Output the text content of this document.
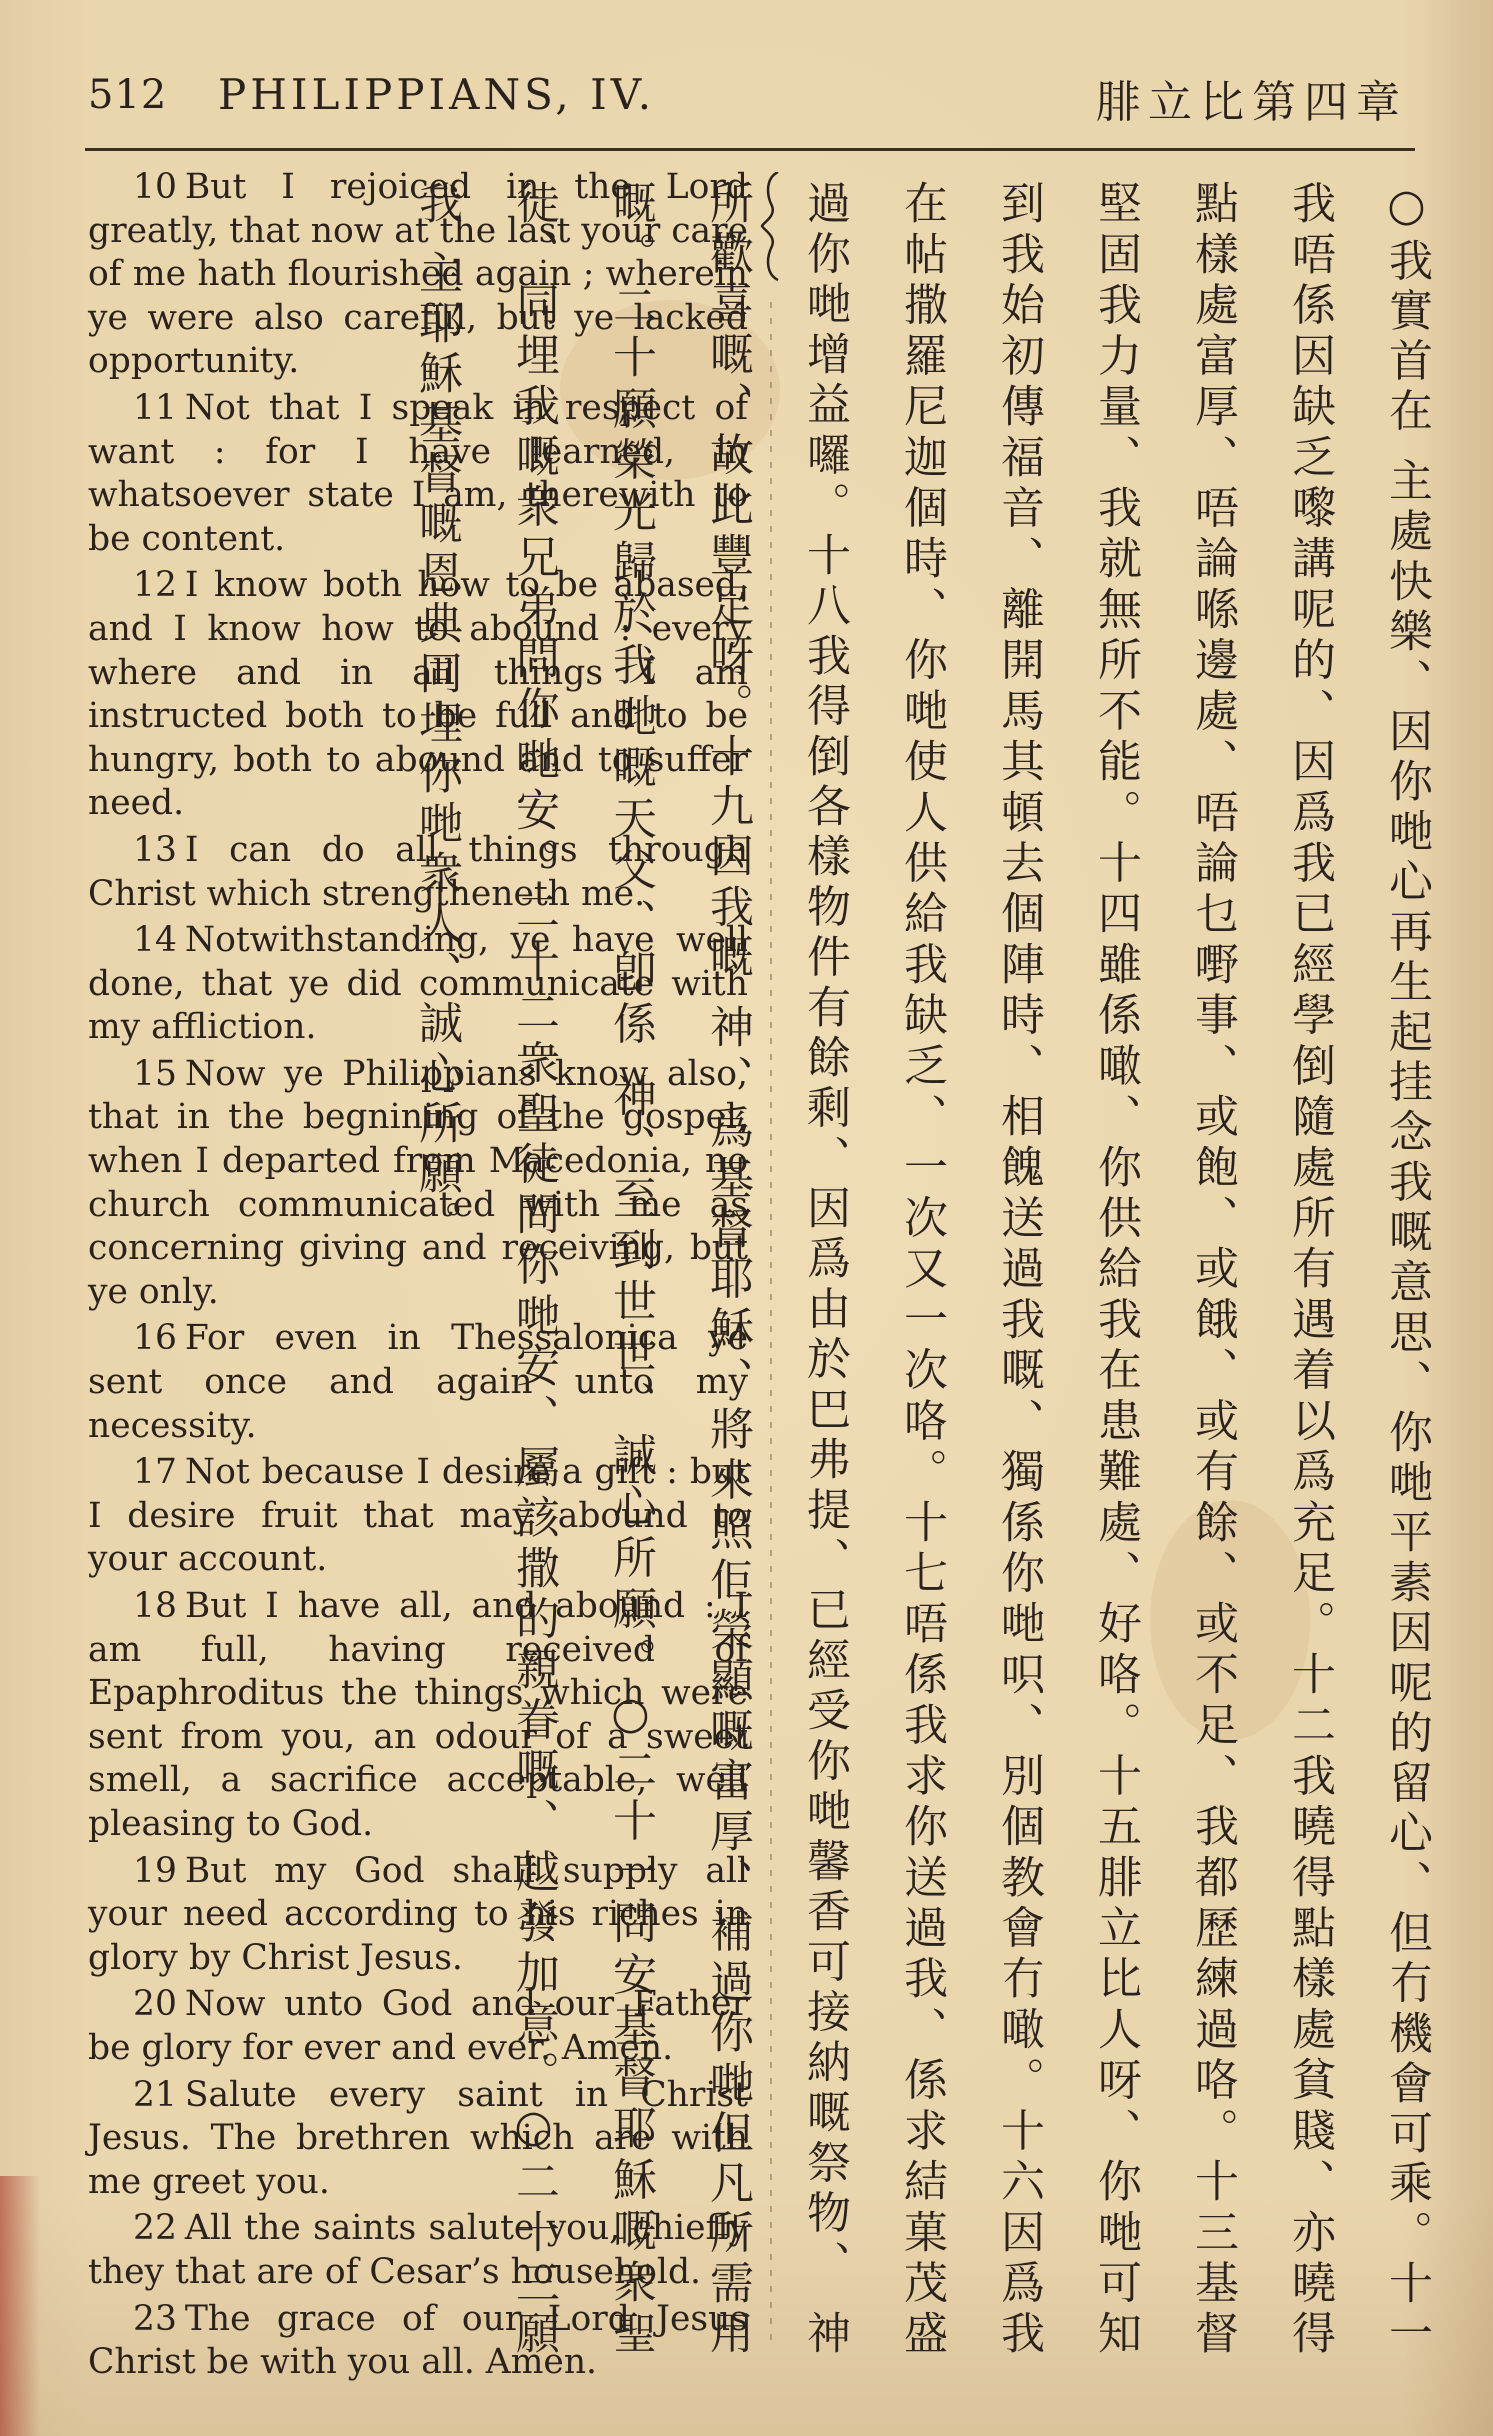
512 PHILIPPIANS, IV.	腓立比第四章

10 But I rejoiced in the Lord greatly, that now at the last your care of me hath flourished again ; wherein ye were also careful, but ye lacked opportunity.

11 Not that I speak in respect of want : for I have learned, in whatsoever state I am, therewith to be content.

12 I know both how to be abased, and I know how to abound : every where and in all things I am instructed both to be full and to be hungry, both to abound and to suffer need.

13 I can do all things through Christ which strengtheneth me.

14 Notwithstanding, ye have well done, that ye did communicate with my affliction.

15 Now ye Philippians know also, that in the begnining of the gospel, when I departed from Macedonia, no church communicated with me as concerning giving and receiving, but ye only.

16 For even in Thessalonica ye sent once and again unto my necessity.

17 Not because I desire a gift : but I desire fruit that may abound to your account.

18 But I have all, and abound : I am full, having received of Epaphroditus the things which were sent from you, an odour of a sweet smell, a sacrifice acceptable, well pleasing to God.

19 But my God shall supply all your need according to his riches in glory by Christ Jesus.

20 Now unto God and our Father be glory for ever and ever. Amen.

21 Salute every saint in Christ Jesus. The brethren which are with me greet you.

22 All the saints salute you, chiefly they that are of Cesar’s household.

23 The grace of our Lord Jesus Christ be with you all. Amen.

○我實首在 主處快樂、因你哋心再生起挂念我嘅意思、你哋平素因呢的留心、但冇機會可乘。十一我唔係因缺乏嚟講呢的、因爲我已經學倒隨處所有遇着以爲充足。十二我曉得點樣處貧賤、亦曉得點樣處富厚、唔論喺邊處、唔論乜嘢事、或飽、或餓、或有餘、或不足、我都歷練過咯。十三基督堅固我力量、我就無所不能。十四雖係噉、你供給我在患難處、好咯。十五腓立比人呀、你哋可知到我始初傳福音、離開馬其頓去個陣時、相餽送過我嘅、獨係你哋呮、別個教會冇噉。十六因爲我在帖撒羅尼迦個時、你哋使人供給我缺乏、一次又一次咯。十七唔係我求你送過我、係求結菓茂盛過你哋增益囉。十八我得倒各樣物件有餘剩、因爲由於巴弗提、已經受你哋馨香可接納嘅祭物、 神所歡喜嘅、故此豐足呀。十九因我嘅 神、爲基督耶穌、將來照佢榮顯嘅富厚、補過你哋但凡所需用嘅。二十願榮光歸於我哋嘅天父、卽係 神、至到世世、誠心所願。○二十一問安基督耶穌嘅衆聖徒、同埋我嘅衆兄弟問你哋安。二十二衆聖徒問你哋安、屬該撒的親眷嘅、越發加意。○二十三願我 主耶穌基督嘅恩典同埋你哋衆人、誠心所願。
